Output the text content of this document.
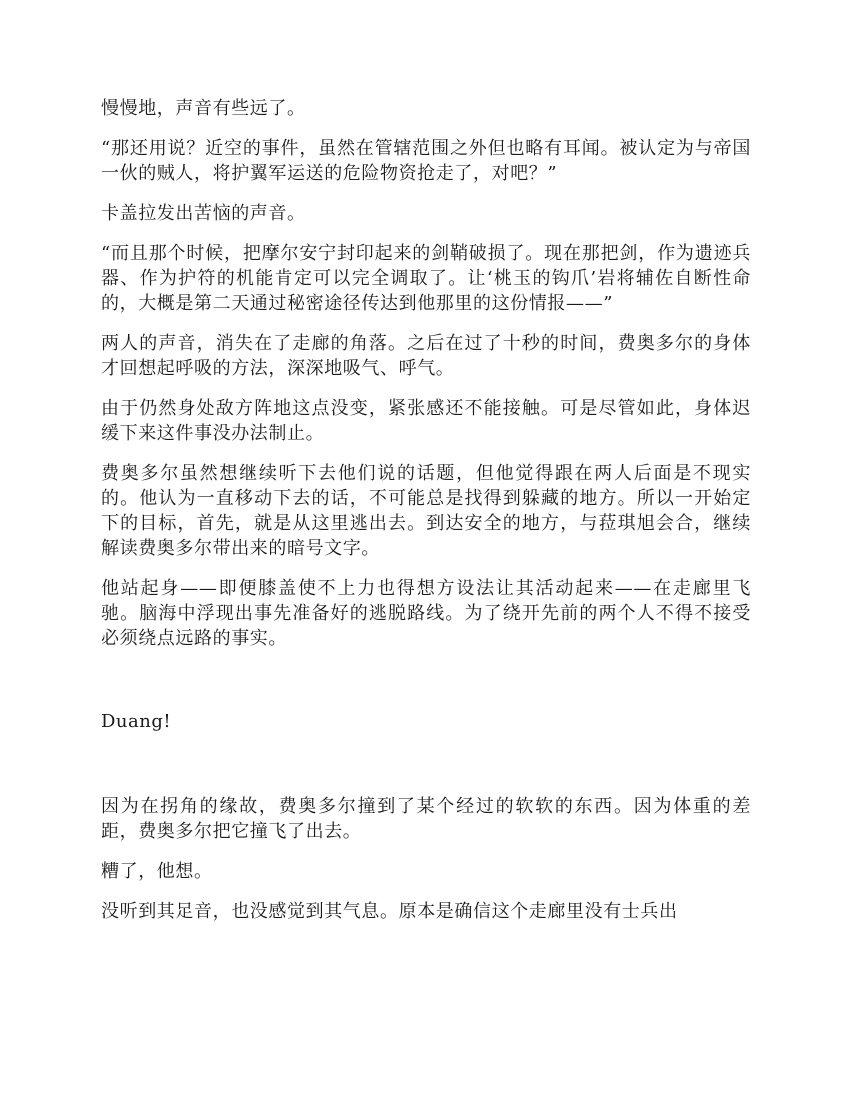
慢慢地，声音有些远了。

“那还用说？近空的事件，虽然在管辖范围之外但也略有耳闻。被认定为与帝国一伙的贼人，将护翼军运送的危险物资抢走了，对吧？”

卡盖拉发出苦恼的声音。

“而且那个时候，把摩尔安宁封印起来的剑鞘破损了。现在那把剑，作为遗迹兵器、作为护符的机能肯定可以完全调取了。让‘桃玉的钩爪’岩将辅佐自断性命的，大概是第二天通过秘密途径传达到他那里的这份情报——”

两人的声音，消失在了走廊的角落。之后在过了十秒的时间，费奥多尔的身体才回想起呼吸的方法，深深地吸气、呼气。

由于仍然身处敌方阵地这点没变，紧张感还不能接触。可是尽管如此，身体迟缓下来这件事没办法制止。

费奥多尔虽然想继续听下去他们说的话题，但他觉得跟在两人后面是不现实的。他认为一直移动下去的话，不可能总是找得到躲藏的地方。所以一开始定下的目标，首先，就是从这里逃出去。到达安全的地方，与菈琪旭会合，继续解读费奥多尔带出来的暗号文字。

他站起身——即便膝盖使不上力也得想方设法让其活动起来——在走廊里飞驰。脑海中浮现出事先准备好的逃脱路线。为了绕开先前的两个人不得不接受必须绕点远路的事实。

Duang!

因为在拐角的缘故，费奥多尔撞到了某个经过的软软的东西。因为体重的差距，费奥多尔把它撞飞了出去。

糟了，他想。

没听到其足音，也没感觉到其气息。原本是确信这个走廊里没有士兵出
